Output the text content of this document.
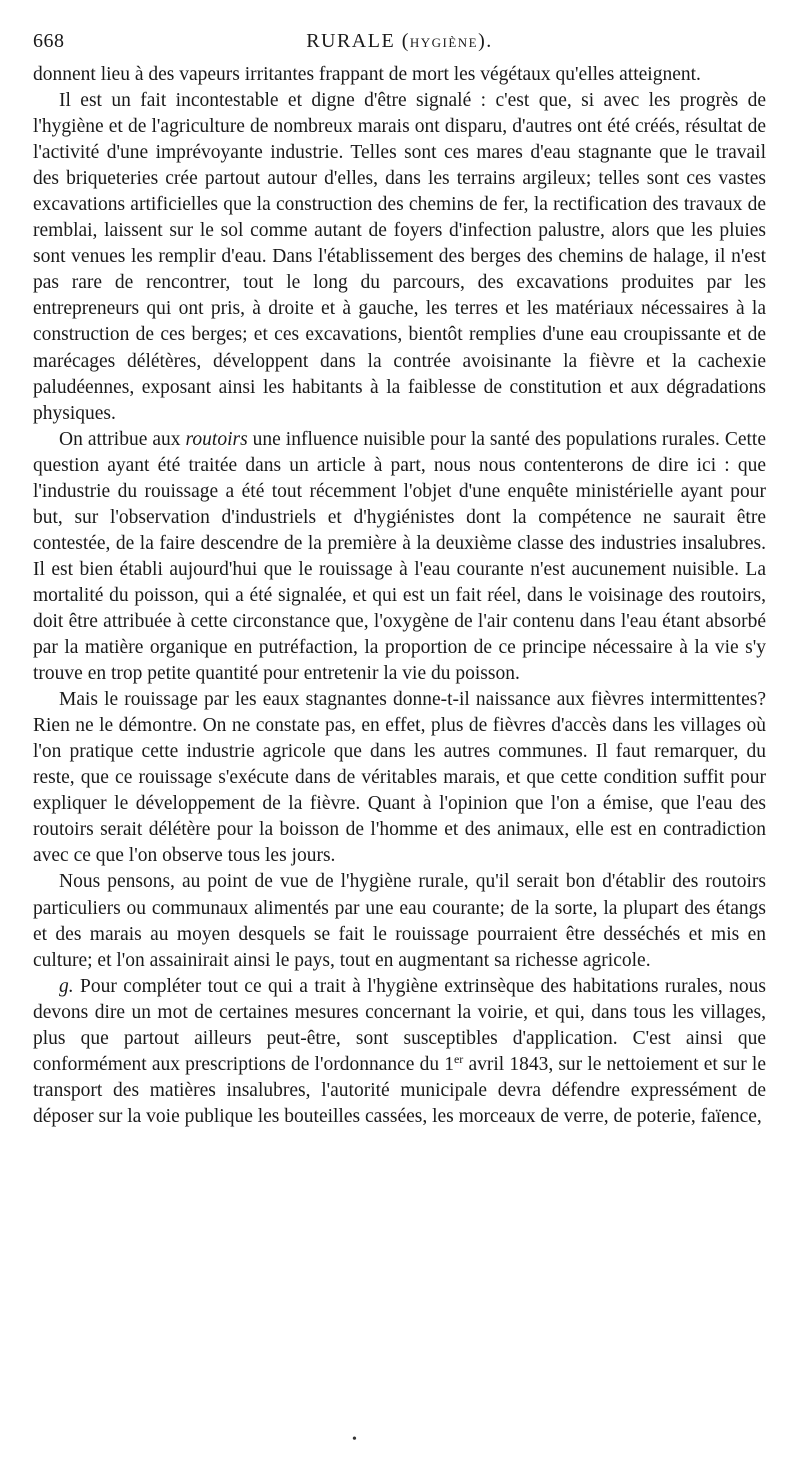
668	RURALE (HYGIÈNE).

donnent lieu à des vapeurs irritantes frappant de mort les végétaux qu'elles atteignent.

Il est un fait incontestable et digne d'être signalé : c'est que, si avec les progrès de l'hygiène et de l'agriculture de nombreux marais ont disparu, d'autres ont été créés, résultat de l'activité d'une imprévoyante industrie. Telles sont ces mares d'eau stagnante que le travail des briqueteries crée partout autour d'elles, dans les terrains argileux; telles sont ces vastes excavations artificielles que la construction des chemins de fer, la rectification des travaux de remblai, laissent sur le sol comme autant de foyers d'infection palustre, alors que les pluies sont venues les remplir d'eau. Dans l'établissement des berges des chemins de halage, il n'est pas rare de rencontrer, tout le long du parcours, des excavations produites par les entrepreneurs qui ont pris, à droite et à gauche, les terres et les matériaux nécessaires à la construction de ces berges; et ces excavations, bientôt remplies d'une eau croupissante et de marécages délétères, développent dans la contrée avoisinante la fièvre et la cachexie paludéennes, exposant ainsi les habitants à la faiblesse de constitution et aux dégradations physiques.

On attribue aux routoirs une influence nuisible pour la santé des populations rurales. Cette question ayant été traitée dans un article à part, nous nous contenterons de dire ici : que l'industrie du rouissage a été tout récemment l'objet d'une enquête ministérielle ayant pour but, sur l'observation d'industriels et d'hygiénistes dont la compétence ne saurait être contestée, de la faire descendre de la première à la deuxième classe des industries insalubres. Il est bien établi aujourd'hui que le rouissage à l'eau courante n'est aucunement nuisible. La mortalité du poisson, qui a été signalée, et qui est un fait réel, dans le voisinage des routoirs, doit être attribuée à cette circonstance que, l'oxygène de l'air contenu dans l'eau étant absorbé par la matière organique en putréfaction, la proportion de ce principe nécessaire à la vie s'y trouve en trop petite quantité pour entretenir la vie du poisson.

Mais le rouissage par les eaux stagnantes donne-t-il naissance aux fièvres intermittentes? Rien ne le démontre. On ne constate pas, en effet, plus de fièvres d'accès dans les villages où l'on pratique cette industrie agricole que dans les autres communes. Il faut remarquer, du reste, que ce rouissage s'exécute dans de véritables marais, et que cette condition suffit pour expliquer le développement de la fièvre. Quant à l'opinion que l'on a émise, que l'eau des routoirs serait délétère pour la boisson de l'homme et des animaux, elle est en contradiction avec ce que l'on observe tous les jours.

Nous pensons, au point de vue de l'hygiène rurale, qu'il serait bon d'établir des routoirs particuliers ou communaux alimentés par une eau courante; de la sorte, la plupart des étangs et des marais au moyen desquels se fait le rouissage pourraient être desséchés et mis en culture; et l'on assainirait ainsi le pays, tout en augmentant sa richesse agricole.

g. Pour compléter tout ce qui a trait à l'hygiène extrinsèque des habitations rurales, nous devons dire un mot de certaines mesures concernant la voirie, et qui, dans tous les villages, plus que partout ailleurs peut-être, sont susceptibles d'application. C'est ainsi que conformément aux prescriptions de l'ordonnance du 1er avril 1843, sur le nettoiement et sur le transport des matières insalubres, l'autorité municipale devra défendre expressément de déposer sur la voie publique les bouteilles cassées, les morceaux de verre, de poterie, faïence,

•
